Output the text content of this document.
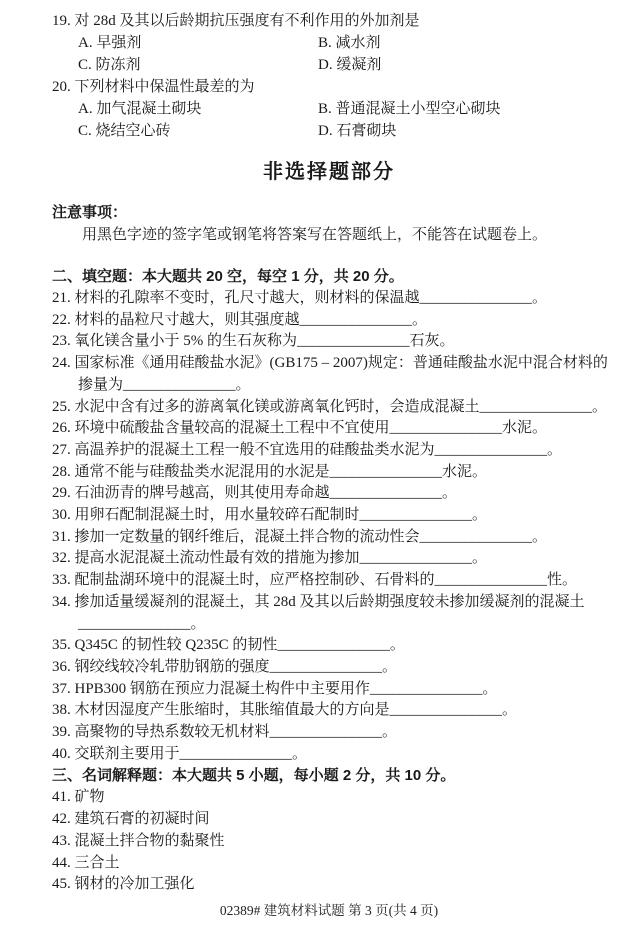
19. 对 28d 及其以后龄期抗压强度有不利作用的外加剂是
A. 早强剂	B. 减水剂
C. 防冻剂	D. 缓凝剂
20. 下列材料中保温性最差的为
A. 加气混凝土砌块	B. 普通混凝土小型空心砌块
C. 烧结空心砖	D. 石膏砌块
非选择题部分
注意事项：
用黑色字迹的签字笔或钢笔将答案写在答题纸上，不能答在试题卷上。
二、填空题：本大题共 20 空，每空 1 分，共 20 分。
21. 材料的孔隙率不变时，孔尺寸越大，则材料的保温越_______________。
22. 材料的晶粒尺寸越大，则其强度越_______________。
23. 氧化镁含量小于 5% 的生石灰称为_______________石灰。
24. 国家标准《通用硅酸盐水泥》(GB175 – 2007)规定：普通硅酸盐水泥中混合材料的
掺量为_______________。
25. 水泥中含有过多的游离氧化镁或游离氧化钙时，会造成混凝土_______________。
26. 环境中硫酸盐含量较高的混凝土工程中不宜使用_______________水泥。
27. 高温养护的混凝土工程一般不宜选用的硅酸盐类水泥为_______________。
28. 通常不能与硅酸盐类水泥混用的水泥是_______________水泥。
29. 石油沥青的牌号越高，则其使用寿命越_______________。
30. 用卵石配制混凝土时，用水量较碎石配制时_______________。
31. 掺加一定数量的钢纤维后，混凝土拌合物的流动性会_______________。
32. 提高水泥混凝土流动性最有效的措施为掺加_______________。
33. 配制盐湖环境中的混凝土时，应严格控制砂、石骨料的_______________性。
34. 掺加适量缓凝剂的混凝土，其 28d 及其以后龄期强度较未掺加缓凝剂的混凝土
_______________。
35. Q345C 的韧性较 Q235C 的韧性_______________。
36. 钢绞线较冷轧带肋钢筋的强度_______________。
37. HPB300 钢筋在预应力混凝土构件中主要用作_______________。
38. 木材因湿度产生胀缩时，其胀缩值最大的方向是_______________。
39. 高聚物的导热系数较无机材料_______________。
40. 交联剂主要用于_______________。
三、名词解释题：本大题共 5 小题，每小题 2 分，共 10 分。
41. 矿物
42. 建筑石膏的初凝时间
43. 混凝土拌合物的黏聚性
44. 三合土
45. 钢材的冷加工强化
02389# 建筑材料试题 第 3 页(共 4 页)
